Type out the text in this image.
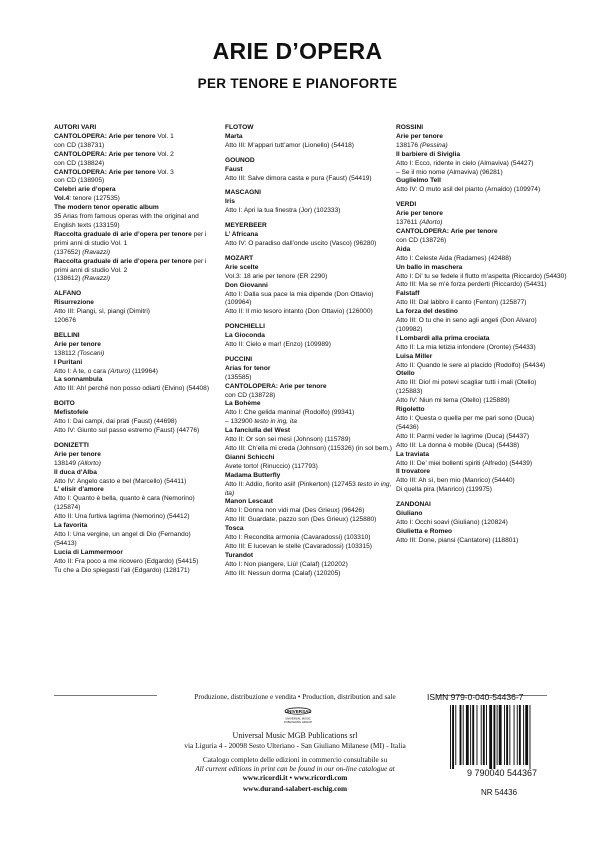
ARIE D’OPERA
PER TENORE E PIANOFORTE
AUTORI VARI
CANTOLOPERA: Arie per tenore Vol. 1
con CD (138731)
CANTOLOPERA: Arie per tenore Vol. 2
con CD (138824)
CANTOLOPERA: Arie per tenore Vol. 3
con CD (138905)
Celebri arie d’opera
Vol.4: tenore (127535)
The modern tenor operatic album
35 Arias from famous operas with the original and English texts (133159)
Raccolta graduale di arie d’opera per tenore per i primi anni di studio Vol. 1
(137652) (Ravazzi)
Raccolta graduale di arie d’opera per tenore per i primi anni di studio Vol. 2
(138612) (Ravazzi)
ALFANO
Risurrezione
Atto III: Piangi, sì, piangi (Dimitri)
120676
BELLINI
Arie per tenore
138112 (Toscani)
I Puritani
Atto I: A te, o cara (Arturo) (119964)
La sonnambula
Atto III: Ah! perché non posso odiarti (Elvino) (54408)
BOITO
Mefistofele
Atto I: Dai campi, dai prati (Faust) (44698)
Atto IV: Giunto sul passo estremo (Faust) (44776)
DONIZETTI
Arie per tenore
138149 (Allorto)
Il duca d’Alba
Atto IV: Angelo casto e bel (Marcello) (54411)
L’ elisir d’amore
Atto I: Quanto è bella, quanto è cara (Nemorino)
(125874)
Atto II: Una furtiva lagrima (Nemorino) (54412)
La favorita
Atto I: Una vergine, un angel di Dio (Fernando)
(54413)
Lucia di Lammermoor
Atto II: Fra poco a me ricovero (Edgardo) (54415)
Tu che a Dio spiegasti l’ali (Edgardo) (128171)
FLOTOW
Marta
Atto III: M’appari tutt’amor (Lionello) (54418)
GOUNOD
Faust
Atto III: Salve dimora casta e pura (Faust) (54419)
MASCAGNI
Iris
Atto I: Apri la tua finestra (Jor) (102333)
MEYERBEER
L’ Africana
Atto IV: O paradiso dall’onde uscito (Vasco) (96280)
MOZART
Arie scelte
Vol.3: 18 arie per tenore (ER 2290)
Don Giovanni
Atto I: Dalla sua pace la mia dipende (Don Ottavio)
(109964)
Atto II: Il mio tesoro intanto (Don Ottavio) (126000)
PONCHIELLI
La Gioconda
Atto II: Cielo e mar! (Enzo) (109989)
PUCCINI
Arias for tenor
(135585)
CANTOLOPERA: Arie per tenore
con CD (138728)
La Bohème
Atto I: Che gelida manina! (Rodolfo) (99341)
– 132900 testo in ing, ita
La fanciulla del West
Atto II: Or son sei mesi (Johnson) (115789)
Atto III: Ch’ella mi creda (Johnson) (115326) (in sol bem.)
Gianni Schicchi
Avete torto! (Rinuccio) (117793)
Madama Butterfly
Atto II: Addio, fiorito asil! (Pinkerton) (127453 testo in ing,
ita)
Manon Lescaut
Atto I: Donna non vidi mai (Des Grieux) (96426)
Atto III: Guardate, pazzo son (Des Grieux) (125880)
Tosca
Atto I: Recondita armonia (Cavaradossi) (103310)
Atto III: E lucevan le stelle (Cavaradossi) (103315)
Turandot
Atto I: Non piangere, Liù! (Calaf) (120202)
Atto III: Nessun dorma (Calaf) (120205)
ROSSINI
Arie per tenore
138176 (Pessina)
Il barbiere di Siviglia
Atto I: Ecco, ridente in cielo (Almaviva) (54427)
– Se il mio nome (Almaviva) (96281)
Guglielmo Tell
Atto IV: O muto asil del pianto (Arnaldo) (109974)
VERDI
Arie per tenore
137611 (Allorto)
CANTOLOPERA: Arie per tenore
con CD (138726)
Aida
Atto I: Celeste Aida (Radames) (42488)
Un ballo in maschera
Atto I: Di’ tu se fedele il flutto m’aspetta (Riccardo) (54430)
Atto III: Ma se m’è forza perderti (Riccardo) (54431)
Falstaff
Atto III: Dal labbro il canto (Fenton) (125877)
La forza del destino
Atto III: O tu che in seno agli angeli (Don Alvaro)
(109982)
I Lombardi alla prima crociata
Atto II: La mia letizia infondere (Oronte) (54433)
Luisa Miller
Atto II: Quando le sere al placido (Rodolfo) (54434)
Otello
Atto III: Dio! mi potevi scagliar tutti i mali (Otello)
(125883)
Atto IV: Niun mi tema (Otello) (125889)
Rigoletto
Atto I: Questa o quella per me pari sono (Duca)
(54436)
Atto II: Parmi veder le lagrime (Duca) (54437)
Atto III: La donna è mobile (Duca) (54438)
La traviata
Atto II: De’ miei bollenti spiriti (Alfredo) (54439)
Il trovatore
Atto III: Ah sì, ben mio (Manrico) (54440)
Di quella pira (Manrico) (119975)
ZANDONAI
Giuliano
Atto I: Occhi soavi (Giuliano) (120824)
Giulietta e Romeo
Atto III: Done, piansi (Cantatore) (118801)
Produzione, distribuzione e vendita • Production, distribution and sale
UNIVERSAL
UNIVERSAL MUSIC
PUBLISHING GROUP
Universal Music MGB Publications srl
via Liguria 4 - 20098 Sesto Ulteriano - San Giuliano Milanese (MI) - Italia
Catalogo completo delle edizioni in commercio consultabile su
All current editions in print can be found in our on-line catalogue at
www.ricordi.it • www.ricordi.com
www.durand-salabert-eschig.com
ISMN 979-0-040-54436-7
9 790040 544367
NR 54436
